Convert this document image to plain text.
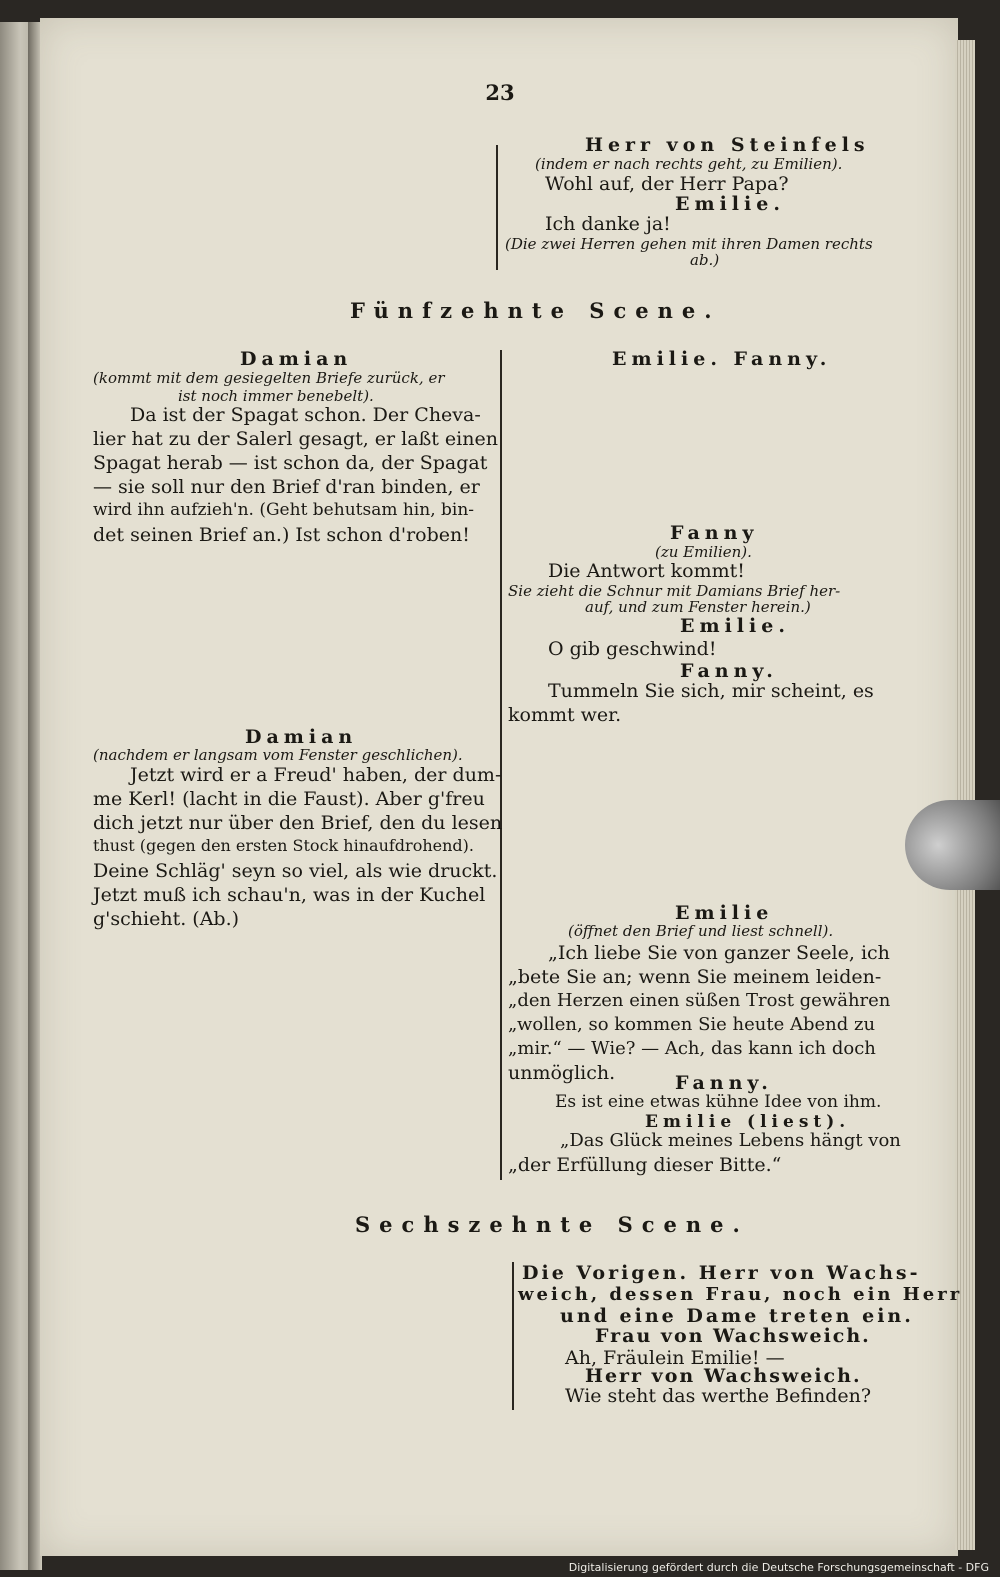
23
Herr von Steinfels
(indem er nach rechts geht, zu Emilien).
Wohl auf, der Herr Papa?
Emilie.
Ich danke ja!
(Die zwei Herren gehen mit ihren Damen rechts
ab.)
Fünfzehnte Scene.
Damian
(kommt mit dem gesiegelten Briefe zurück, er
ist noch immer benebelt).
Da ist der Spagat schon. Der Cheva-
lier hat zu der Salerl gesagt, er laßt einen
Spagat herab — ist schon da, der Spagat
— sie soll nur den Brief d'ran binden, er
wird ihn aufzieh'n. (Geht behutsam hin, bin-
det seinen Brief an.) Ist schon d'roben!
Damian
(nachdem er langsam vom Fenster geschlichen).
Jetzt wird er a Freud' haben, der dum-
me Kerl! (lacht in die Faust). Aber g'freu
dich jetzt nur über den Brief, den du lesen
thust (gegen den ersten Stock hinaufdrohend).
Deine Schläg' seyn so viel, als wie druckt.
Jetzt muß ich schau'n, was in der Kuchel
g'schieht. (Ab.)
Emilie. Fanny.
Fanny
(zu Emilien).
Die Antwort kommt!
Sie zieht die Schnur mit Damians Brief her-
auf, und zum Fenster herein.)
Emilie.
O gib geschwind!
Fanny.
Tummeln Sie sich, mir scheint, es
kommt wer.
Emilie
(öffnet den Brief und liest schnell).
„Ich liebe Sie von ganzer Seele, ich
„bete Sie an; wenn Sie meinem leiden-
„den Herzen einen süßen Trost gewähren
„wollen, so kommen Sie heute Abend zu
„mir.“ — Wie? — Ach, das kann ich doch
unmöglich.	Fanny.
Es ist eine etwas kühne Idee von ihm.
Emilie (liest).
„Das Glück meines Lebens hängt von
„der Erfüllung dieser Bitte.“
Sechszehnte Scene.
Die Vorigen. Herr von Wachs-
weich, dessen Frau, noch ein Herr
und eine Dame treten ein.
Frau von Wachsweich.
Ah, Fräulein Emilie! —
Herr von Wachsweich.
Wie steht das werthe Befinden?
Digitalisierung gefördert durch die Deutsche Forschungsgemeinschaft - DFG
